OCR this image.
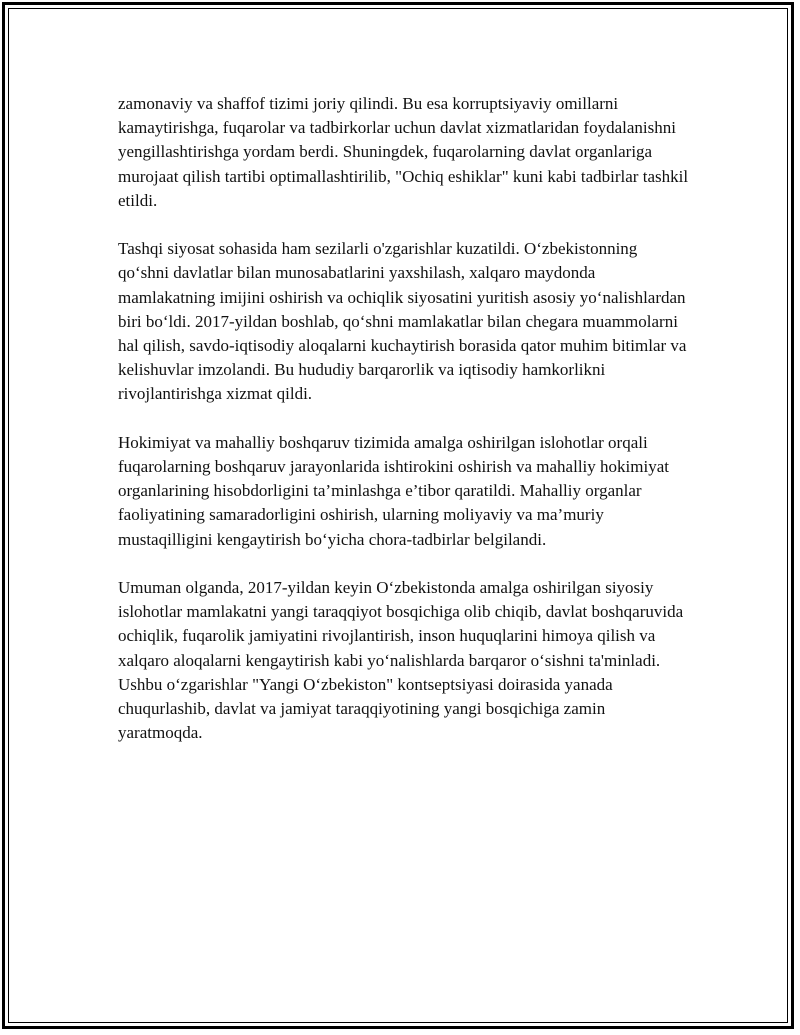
zamonaviy va shaffof tizimi joriy qilindi. Bu esa korruptsiyaviy omillarni kamaytirishga, fuqarolar va tadbirkorlar uchun davlat xizmatlaridan foydalanishni yengillashtirishga yordam berdi. Shuningdek, fuqarolarning davlat organlariga murojaat qilish tartibi optimallashtirilib, "Ochiq eshiklar" kuni kabi tadbirlar tashkil etildi.

Tashqi siyosat sohasida ham sezilarli o'zgarishlar kuzatildi. O‘zbekistonning qo‘shni davlatlar bilan munosabatlarini yaxshilash, xalqaro maydonda mamlakatning imijini oshirish va ochiqlik siyosatini yuritish asosiy yo‘nalishlardan biri bo‘ldi. 2017-yildan boshlab, qo‘shni mamlakatlar bilan chegara muammolarni hal qilish, savdo-iqtisodiy aloqalarni kuchaytirish borasida qator muhim bitimlar va kelishuvlar imzolandi. Bu hududiy barqarorlik va iqtisodiy hamkorlikni rivojlantirishga xizmat qildi.

Hokimiyat va mahalliy boshqaruv tizimida amalga oshirilgan islohotlar orqali fuqarolarning boshqaruv jarayonlarida ishtirokini oshirish va mahalliy hokimiyat organlarining hisobdorligini ta’minlashga e’tibor qaratildi. Mahalliy organlar faoliyatining samaradorligini oshirish, ularning moliyaviy va ma’muriy mustaqilligini kengaytirish bo‘yicha chora-tadbirlar belgilandi.

Umuman olganda, 2017-yildan keyin O‘zbekistonda amalga oshirilgan siyosiy islohotlar mamlakatni yangi taraqqiyot bosqichiga olib chiqib, davlat boshqaruvida ochiqlik, fuqarolik jamiyatini rivojlantirish, inson huquqlarini himoya qilish va xalqaro aloqalarni kengaytirish kabi yo‘nalishlarda barqaror o‘sishni ta'minladi. Ushbu o‘zgarishlar "Yangi O‘zbekiston" kontseptsiyasi doirasida yanada chuqurlashib, davlat va jamiyat taraqqiyotining yangi bosqichiga zamin yaratmoqda.
